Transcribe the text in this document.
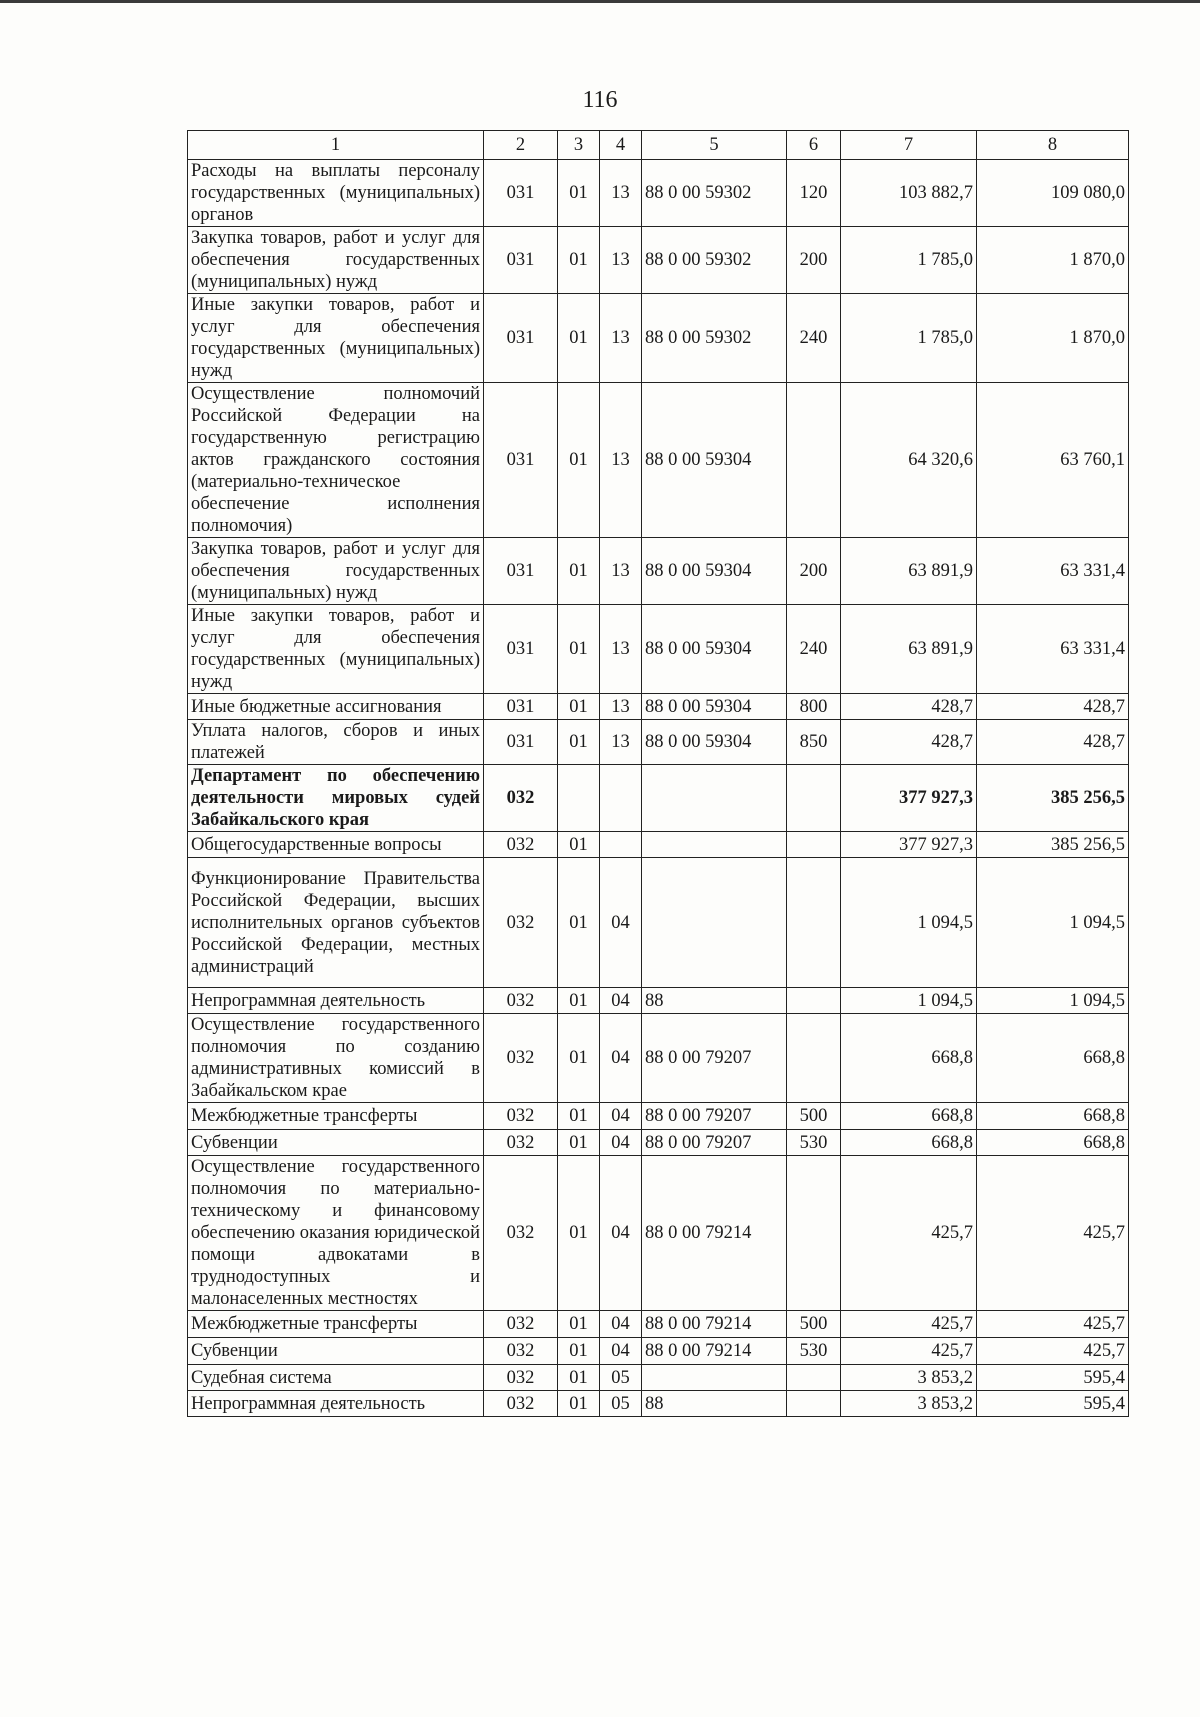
116
1	2	3	4	5	6	7	8
Расходы на выплаты персоналу государственных (муниципальных) органов	031	01	13	88 0 00 59302	120	103 882,7	109 080,0
Закупка товаров, работ и услуг для обеспечения государственных (муниципальных) нужд	031	01	13	88 0 00 59302	200	1 785,0	1 870,0
Иные закупки товаров, работ и услуг для обеспечения государственных (муниципальных) нужд	031	01	13	88 0 00 59302	240	1 785,0	1 870,0
Осуществление полномочий Российской Федерации на государственную регистрацию актов гражданского состояния (материально-техническое обеспечение исполнения полномочия)	031	01	13	88 0 00 59304		64 320,6	63 760,1
Закупка товаров, работ и услуг для обеспечения государственных (муниципальных) нужд	031	01	13	88 0 00 59304	200	63 891,9	63 331,4
Иные закупки товаров, работ и услуг для обеспечения государственных (муниципальных) нужд	031	01	13	88 0 00 59304	240	63 891,9	63 331,4
Иные бюджетные ассигнования	031	01	13	88 0 00 59304	800	428,7	428,7
Уплата налогов, сборов и иных платежей	031	01	13	88 0 00 59304	850	428,7	428,7
Департамент по обеспечению деятельности мировых судей Забайкальского края	032					377 927,3	385 256,5
Общегосударственные вопросы	032	01				377 927,3	385 256,5
Функционирование Правительства Российской Федерации, высших исполнительных органов субъектов Российской Федерации, местных администраций	032	01	04			1 094,5	1 094,5
Непрограммная деятельность	032	01	04	88		1 094,5	1 094,5
Осуществление государственного полномочия по созданию административных комиссий в Забайкальском крае	032	01	04	88 0 00 79207		668,8	668,8
Межбюджетные трансферты	032	01	04	88 0 00 79207	500	668,8	668,8
Субвенции	032	01	04	88 0 00 79207	530	668,8	668,8
Осуществление государственного полномочия по материально-техническому и финансовому обеспечению оказания юридической помощи адвокатами в труднодоступных и малонаселенных местностях	032	01	04	88 0 00 79214		425,7	425,7
Межбюджетные трансферты	032	01	04	88 0 00 79214	500	425,7	425,7
Субвенции	032	01	04	88 0 00 79214	530	425,7	425,7
Судебная система	032	01	05			3 853,2	595,4
Непрограммная деятельность	032	01	05	88		3 853,2	595,4
